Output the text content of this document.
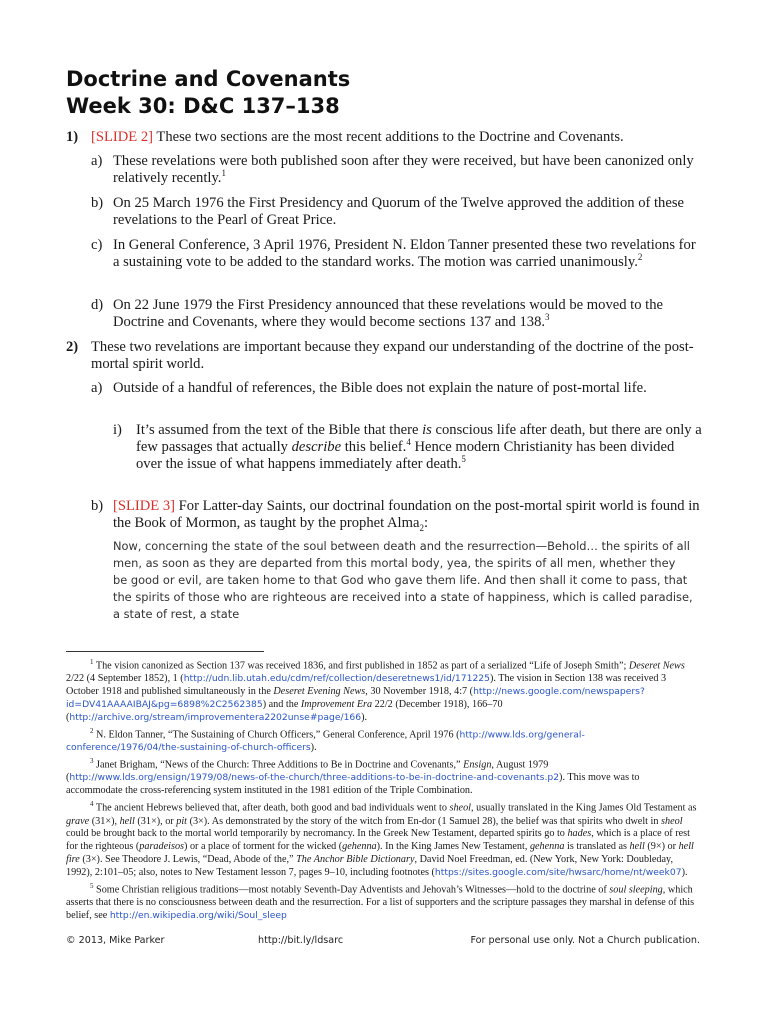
Doctrine and Covenants
Week 30: D&C 137–138
1) [SLIDE 2] These two sections are the most recent additions to the Doctrine and Covenants.
a) These revelations were both published soon after they were received, but have been canonized only relatively recently.$^1$
b) On 25 March 1976 the First Presidency and Quorum of the Twelve approved the addition of these revelations to the Pearl of Great Price.
c) In General Conference, 3 April 1976, President N. Eldon Tanner presented these two revelations for a sustaining vote to be added to the standard works. The motion was carried unanimously.$^2$
d) On 22 June 1979 the First Presidency announced that these revelations would be moved to the Doctrine and Covenants, where they would become sections 137 and 138.$^3$
2) These two revelations are important because they expand our understanding of the doctrine of the post-mortal spirit world.
a) Outside of a handful of references, the Bible does not explain the nature of post-mortal life.
i) It’s assumed from the text of the Bible that there is conscious life after death, but there are only a few passages that actually describe this belief.$^4$ Hence modern Christianity has been divided over the issue of what happens immediately after death.$^5$
b) [SLIDE 3] For Latter-day Saints, our doctrinal foundation on the post-mortal spirit world is found in the Book of Mormon, as taught by the prophet Alma$_2$:
Now, concerning the state of the soul between death and the resurrection—Behold… the spirits of all men, as soon as they are departed from this mortal body, yea, the spirits of all men, whether they be good or evil, are taken home to that God who gave them life. And then shall it come to pass, that the spirits of those who are righteous are received into a state of happiness, which is called paradise, a state of rest, a state

$^1$ The vision canonized as Section 137 was received 1836, and first published in 1852 as part of a serialized “Life of Joseph Smith”; Deseret News 2/22 (4 September 1852), 1 (http://udn.lib.utah.edu/cdm/ref/collection/deseretnews1/id/171225). The vision in Section 138 was received 3 October 1918 and published simultaneously in the Deseret Evening News, 30 November 1918, 4:7 (http://news.google.com/newspapers?id=DV41AAAAIBAJ&pg=6898%2C2562385) and the Improvement Era 22/2 (December 1918), 166–70 (http://archive.org/stream/improvementera2202unse#page/166).

$^2$ N. Eldon Tanner, “The Sustaining of Church Officers,” General Conference, April 1976 (http://www.lds.org/general-conference/1976/04/the-sustaining-of-church-officers).

$^3$ Janet Brigham, “News of the Church: Three Additions to Be in Doctrine and Covenants,” Ensign, August 1979 (http://www.lds.org/ensign/1979/08/news-of-the-church/three-additions-to-be-in-doctrine-and-covenants.p2). This move was to accommodate the cross-referencing system instituted in the 1981 edition of the Triple Combination.

$^4$ The ancient Hebrews believed that, after death, both good and bad individuals went to sheol, usually translated in the King James Old Testament as grave (31×), hell (31×), or pit (3×). As demonstrated by the story of the witch from En-dor (1 Samuel 28), the belief was that spirits who dwelt in sheol could be brought back to the mortal world temporarily by necromancy. In the Greek New Testament, departed spirits go to hades, which is a place of rest for the righteous (paradeisos) or a place of torment for the wicked (gehenna). In the King James New Testament, gehenna is translated as hell (9×) or hell fire (3×). See Theodore J. Lewis, “Dead, Abode of the,” The Anchor Bible Dictionary, David Noel Freedman, ed. (New York, New York: Doubleday, 1992), 2:101–05; also, notes to New Testament lesson 7, pages 9–10, including footnotes (https://sites.google.com/site/hwsarc/home/nt/week07).

$^5$ Some Christian religious traditions—most notably Seventh-Day Adventists and Jehovah’s Witnesses—hold to the doctrine of soul sleeping, which asserts that there is no consciousness between death and the resurrection. For a list of supporters and the scripture passages they marshal in defense of this belief, see http://en.wikipedia.org/wiki/Soul_sleep

© 2013, Mike Parker	http://bit.ly/ldsarc	For personal use only. Not a Church publication.
